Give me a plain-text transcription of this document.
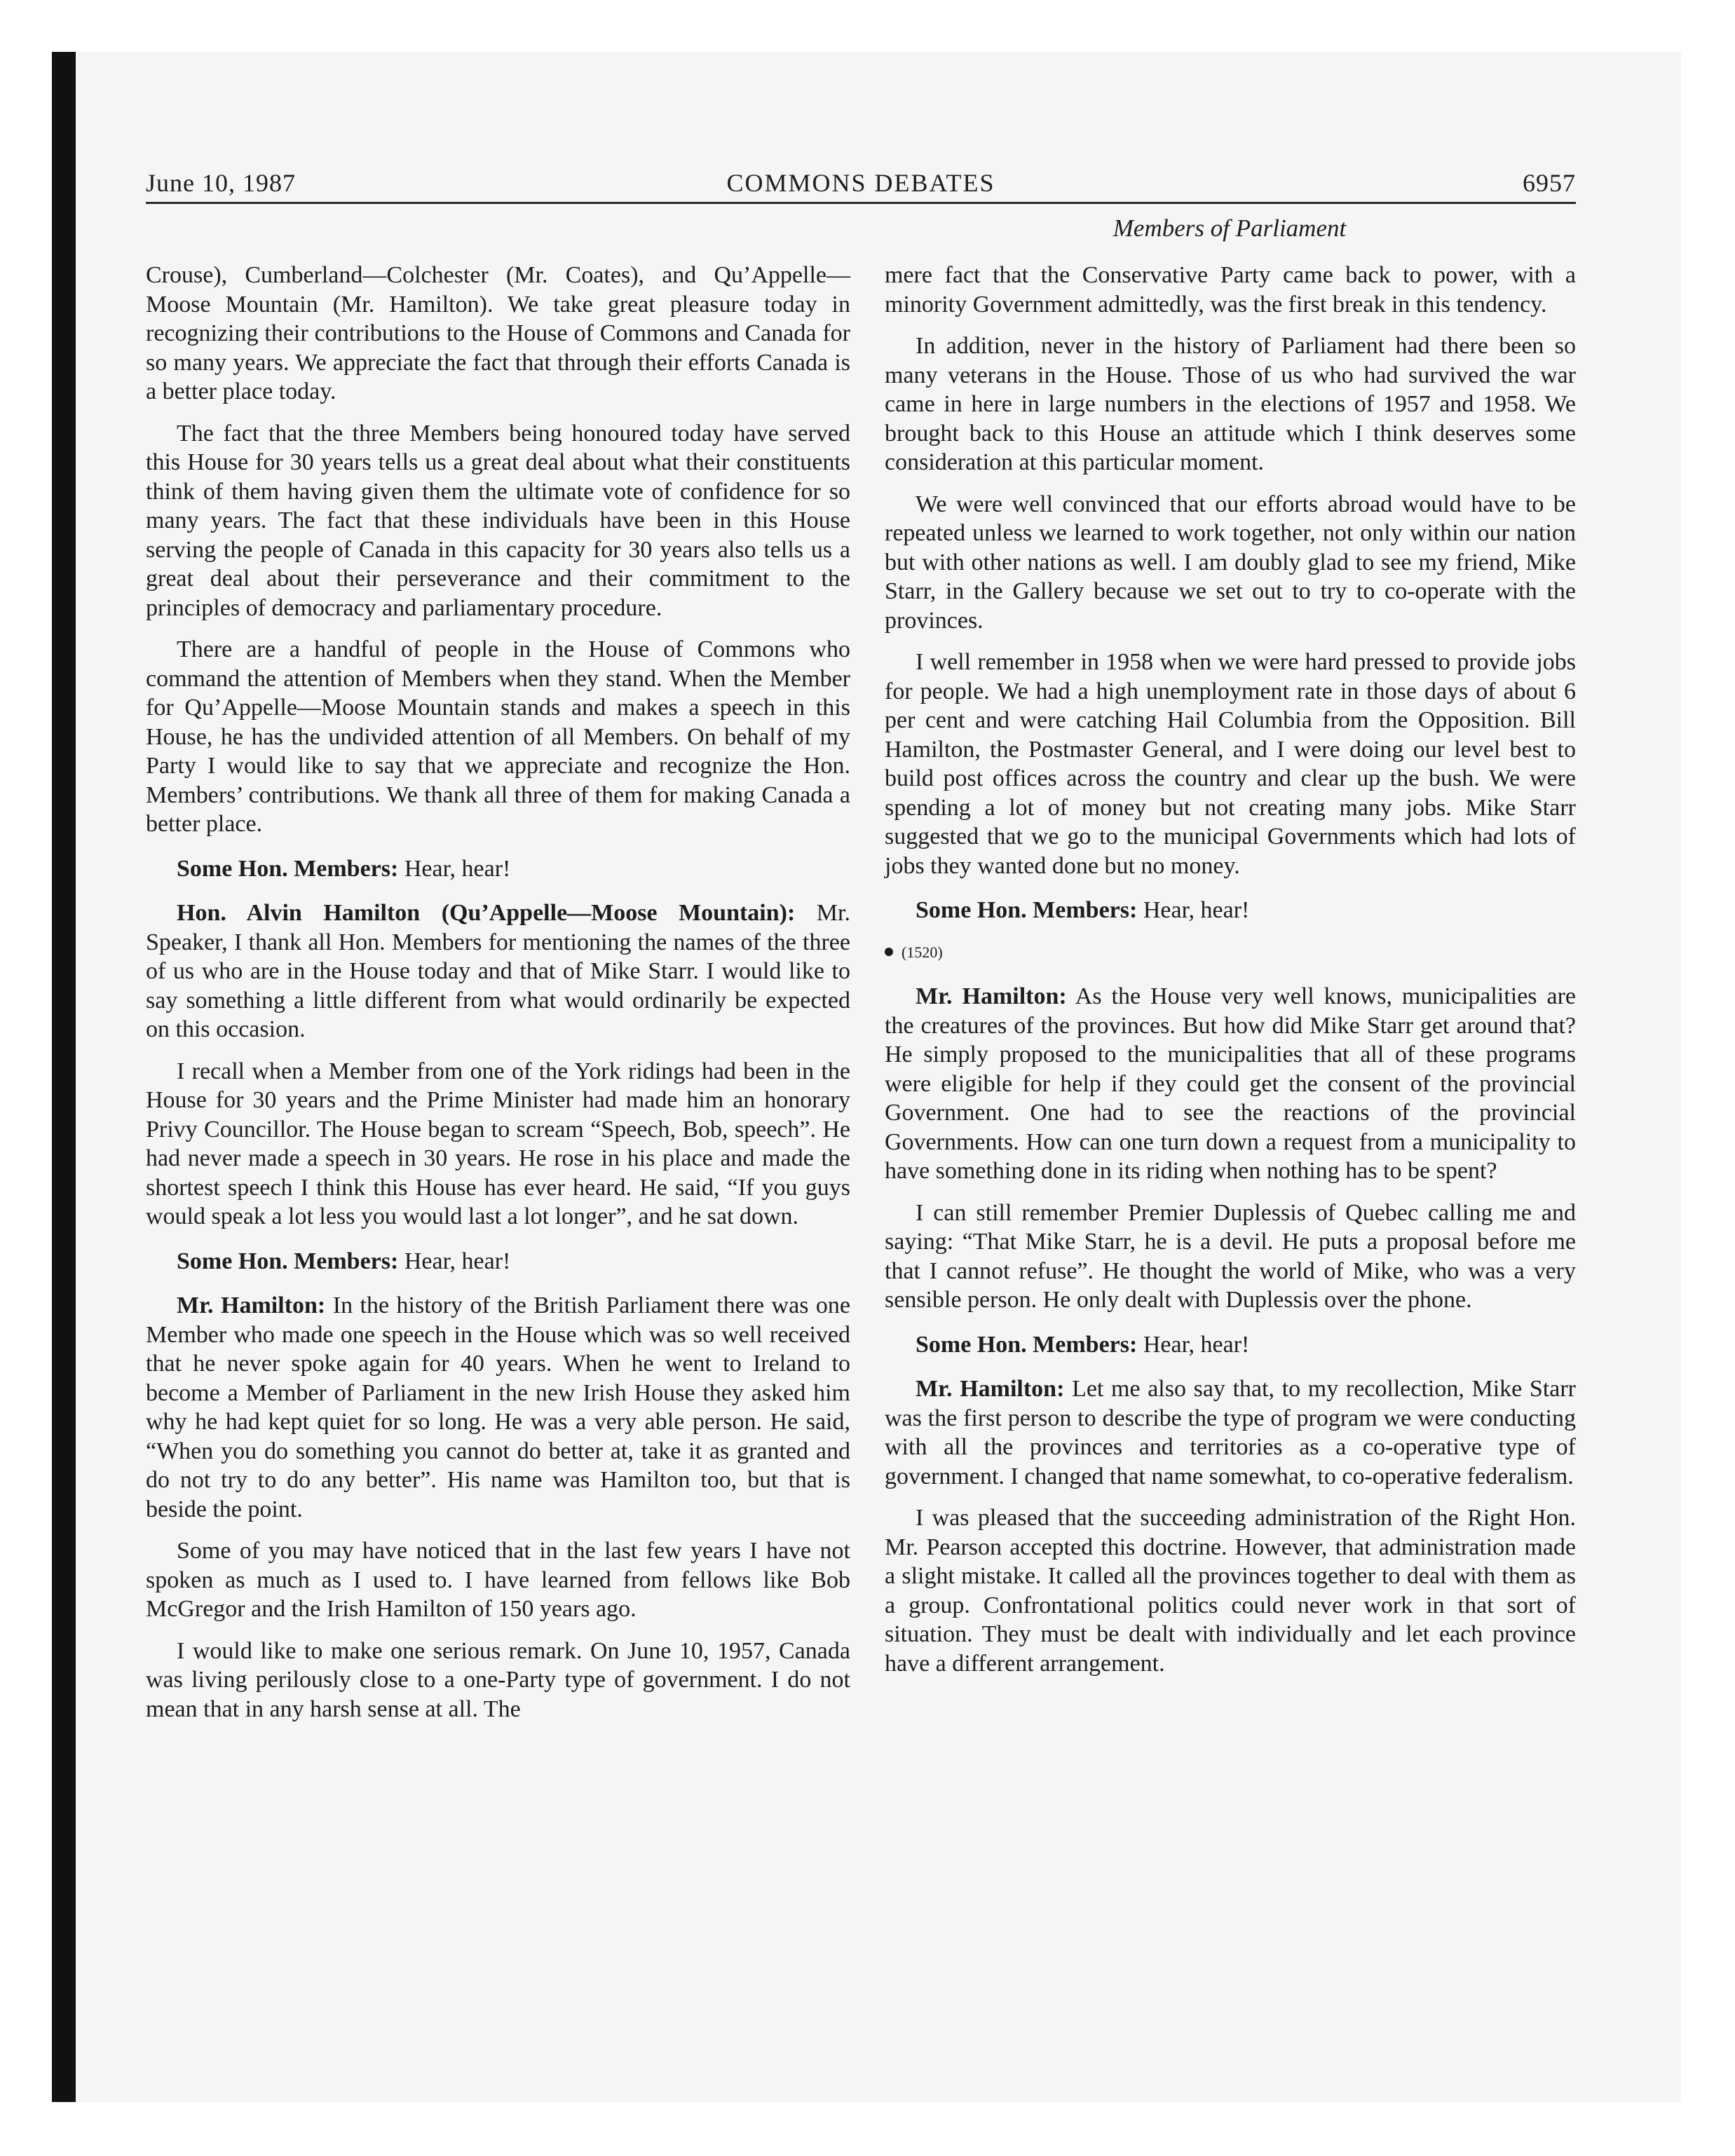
June 10, 1987	COMMONS DEBATES	6957
Members of Parliament

Crouse), Cumberland—Colchester (Mr. Coates), and Qu’Appelle—Moose Mountain (Mr. Hamilton). We take great pleasure today in recognizing their contributions to the House of Commons and Canada for so many years. We appreciate the fact that through their efforts Canada is a better place today.

The fact that the three Members being honoured today have served this House for 30 years tells us a great deal about what their constituents think of them having given them the ultimate vote of confidence for so many years. The fact that these individuals have been in this House serving the people of Canada in this capacity for 30 years also tells us a great deal about their perseverance and their commitment to the principles of democracy and parliamentary procedure.

There are a handful of people in the House of Commons who command the attention of Members when they stand. When the Member for Qu’Appelle—Moose Mountain stands and makes a speech in this House, he has the undivided attention of all Members. On behalf of my Party I would like to say that we appreciate and recognize the Hon. Members’ contributions. We thank all three of them for making Canada a better place.

Some Hon. Members: Hear, hear!

Hon. Alvin Hamilton (Qu’Appelle—Moose Mountain): Mr. Speaker, I thank all Hon. Members for mentioning the names of the three of us who are in the House today and that of Mike Starr. I would like to say something a little different from what would ordinarily be expected on this occasion.

I recall when a Member from one of the York ridings had been in the House for 30 years and the Prime Minister had made him an honorary Privy Councillor. The House began to scream “Speech, Bob, speech”. He had never made a speech in 30 years. He rose in his place and made the shortest speech I think this House has ever heard. He said, “If you guys would speak a lot less you would last a lot longer”, and he sat down.

Some Hon. Members: Hear, hear!

Mr. Hamilton: In the history of the British Parliament there was one Member who made one speech in the House which was so well received that he never spoke again for 40 years. When he went to Ireland to become a Member of Parliament in the new Irish House they asked him why he had kept quiet for so long. He was a very able person. He said, “When you do something you cannot do better at, take it as granted and do not try to do any better”. His name was Hamilton too, but that is beside the point.

Some of you may have noticed that in the last few years I have not spoken as much as I used to. I have learned from fellows like Bob McGregor and the Irish Hamilton of 150 years ago.

I would like to make one serious remark. On June 10, 1957, Canada was living perilously close to a one-Party type of government. I do not mean that in any harsh sense at all. The

mere fact that the Conservative Party came back to power, with a minority Government admittedly, was the first break in this tendency.

In addition, never in the history of Parliament had there been so many veterans in the House. Those of us who had survived the war came in here in large numbers in the elections of 1957 and 1958. We brought back to this House an attitude which I think deserves some consideration at this particular moment.

We were well convinced that our efforts abroad would have to be repeated unless we learned to work together, not only within our nation but with other nations as well. I am doubly glad to see my friend, Mike Starr, in the Gallery because we set out to try to co-operate with the provinces.

I well remember in 1958 when we were hard pressed to provide jobs for people. We had a high unemployment rate in those days of about 6 per cent and were catching Hail Columbia from the Opposition. Bill Hamilton, the Postmaster General, and I were doing our level best to build post offices across the country and clear up the bush. We were spending a lot of money but not creating many jobs. Mike Starr suggested that we go to the municipal Governments which had lots of jobs they wanted done but no money.

Some Hon. Members: Hear, hear!

(1520)

Mr. Hamilton: As the House very well knows, municipalities are the creatures of the provinces. But how did Mike Starr get around that? He simply proposed to the municipalities that all of these programs were eligible for help if they could get the consent of the provincial Government. One had to see the reactions of the provincial Governments. How can one turn down a request from a municipality to have something done in its riding when nothing has to be spent?

I can still remember Premier Duplessis of Quebec calling me and saying: “That Mike Starr, he is a devil. He puts a proposal before me that I cannot refuse”. He thought the world of Mike, who was a very sensible person. He only dealt with Duplessis over the phone.

Some Hon. Members: Hear, hear!

Mr. Hamilton: Let me also say that, to my recollection, Mike Starr was the first person to describe the type of program we were conducting with all the provinces and territories as a co-operative type of government. I changed that name somewhat, to co-operative federalism.

I was pleased that the succeeding administration of the Right Hon. Mr. Pearson accepted this doctrine. However, that administration made a slight mistake. It called all the provinces together to deal with them as a group. Confrontational politics could never work in that sort of situation. They must be dealt with individually and let each province have a different arrangement.
